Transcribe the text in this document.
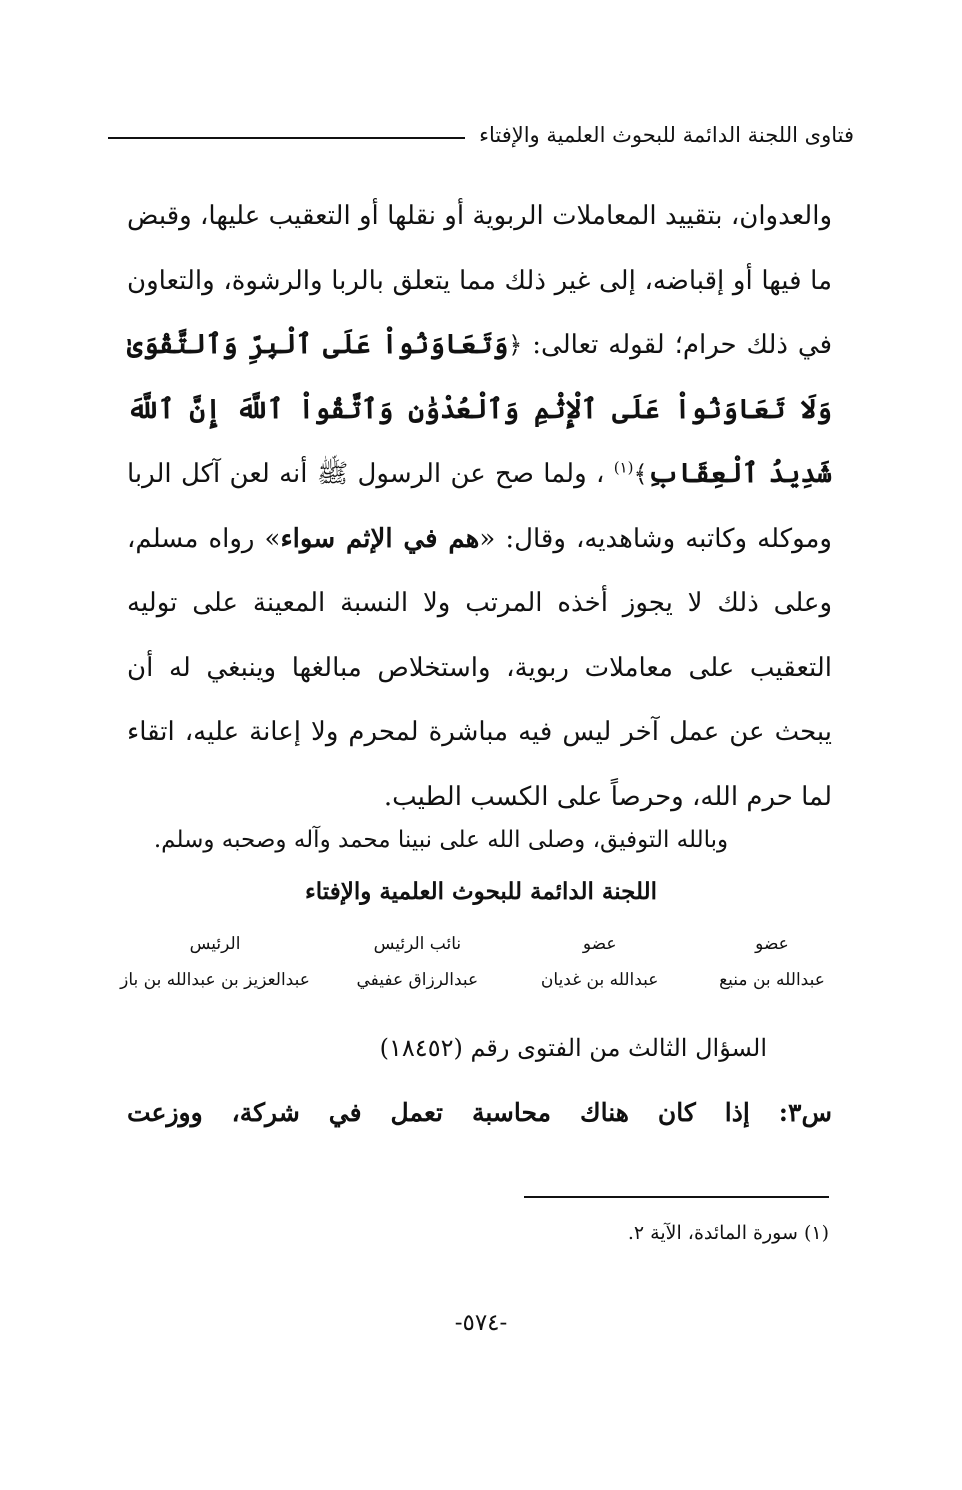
فتاوى اللجنة الدائمة للبحوث العلمية والإفتاء

والعدوان، بتقييد المعاملات الربوية أو نقلها أو التعقيب عليها، وقبض ما فيها أو إقباضه، إلى غير ذلك مما يتعلق بالربا والرشوة، والتعاون في ذلك حرام؛ لقوله تعالى: ﴿وَتَعَاوَنُواْ عَلَى ٱلْبِرِّ وَٱلتَّقْوَىٰ وَلَا تَعَاوَنُواْ عَلَى ٱلْإِثْمِ وَٱلْعُدْوَٰنِ وَٱتَّقُواْ ٱللَّهَ إِنَّ ٱللَّهَ شَدِيدُ ٱلْعِقَابِ﴾$^{(١)}$ ، ولما صح عن الرسول ﷺ أنه لعن آكل الربا وموكله وكاتبه وشاهديه، وقال: «هم في الإثم سواء» رواه مسلم، وعلى ذلك لا يجوز أخذه المرتب ولا النسبة المعينة على توليه التعقيب على معاملات ربوية، واستخلاص مبالغها وينبغي له أن يبحث عن عمل آخر ليس فيه مباشرة لمحرم ولا إعانة عليه، اتقاء لما حرم الله، وحرصاً على الكسب الطيب.

وبالله التوفيق، وصلى الله على نبينا محمد وآله وصحبه وسلم.
اللجنة الدائمة للبحوث العلمية والإفتاء
عضو
عضو
نائب الرئيس
الرئيس
عبدالله بن منيع
عبدالله بن غديان
عبدالرزاق عفيفي
عبدالعزيز بن عبدالله بن باز
السؤال الثالث من الفتوى رقم (١٨٤٥٢)
س٣: إذا كان هناك محاسبة تعمل في شركة، ووزعت
(١) سورة المائدة، الآية ٢.
-٥٧٤-
